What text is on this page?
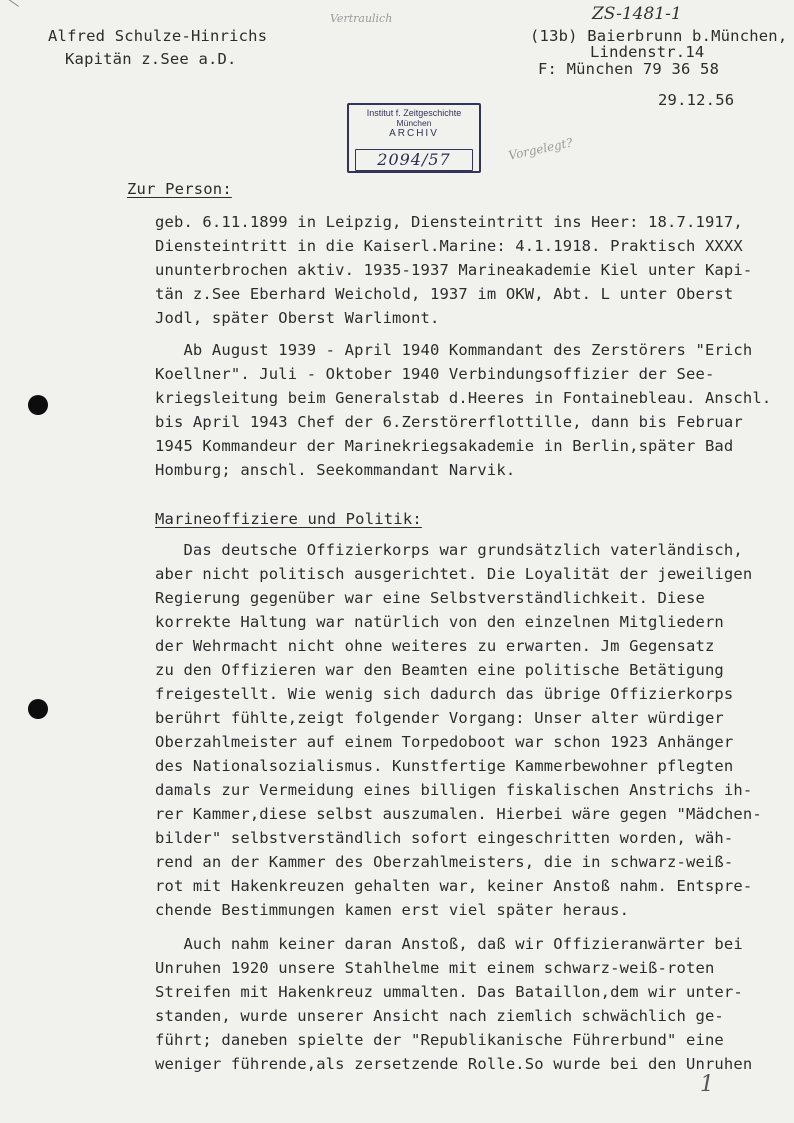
Alfred Schulze-Hinrichs
Kapitän z.See a.D.
(13b) Baierbrunn b.München,
Lindenstr.14
F: München 79 36 58
29.12.56
ZS-1481-1
Vertraulich
Vorgelegt?
1
Institut f. Zeitgeschichte
München
ARCHIV
2094/57
Zur Person:
geb. 6.11.1899 in Leipzig, Diensteintritt ins Heer: 18.7.1917,
Diensteintritt in die Kaiserl.Marine: 4.1.1918. Praktisch XXXX
ununterbrochen aktiv. 1935-1937 Marineakademie Kiel unter Kapi-
tän z.See Eberhard Weichold, 1937 im OKW, Abt. L unter Oberst
Jodl, später Oberst Warlimont.
Ab August 1939 - April 1940 Kommandant des Zerstörers "Erich
Koellner". Juli - Oktober 1940 Verbindungsoffizier der See-
kriegsleitung beim Generalstab d.Heeres in Fontainebleau. Anschl.
bis April 1943 Chef der 6.Zerstörerflottille, dann bis Februar
1945 Kommandeur der Marinekriegsakademie in Berlin,später Bad
Homburg; anschl. Seekommandant Narvik.
Marineoffiziere und Politik:
Das deutsche Offizierkorps war grundsätzlich vaterländisch,
aber nicht politisch ausgerichtet. Die Loyalität der jeweiligen
Regierung gegenüber war eine Selbstverständlichkeit. Diese
korrekte Haltung war natürlich von den einzelnen Mitgliedern
der Wehrmacht nicht ohne weiteres zu erwarten. Jm Gegensatz
zu den Offizieren war den Beamten eine politische Betätigung
freigestellt. Wie wenig sich dadurch das übrige Offizierkorps
berührt fühlte,zeigt folgender Vorgang: Unser alter würdiger
Oberzahlmeister auf einem Torpedoboot war schon 1923 Anhänger
des Nationalsozialismus. Kunstfertige Kammerbewohner pflegten
damals zur Vermeidung eines billigen fiskalischen Anstrichs ih-
rer Kammer,diese selbst auszumalen. Hierbei wäre gegen "Mädchen-
bilder" selbstverständlich sofort eingeschritten worden, wäh-
rend an der Kammer des Oberzahlmeisters, die in schwarz-weiß-
rot mit Hakenkreuzen gehalten war, keiner Anstoß nahm. Entspre-
chende Bestimmungen kamen erst viel später heraus.
Auch nahm keiner daran Anstoß, daß wir Offizieranwärter bei
Unruhen 1920 unsere Stahlhelme mit einem schwarz-weiß-roten
Streifen mit Hakenkreuz ummalten. Das Bataillon,dem wir unter-
standen, wurde unserer Ansicht nach ziemlich schwächlich ge-
führt; daneben spielte der "Republikanische Führerbund" eine
weniger führende,als zersetzende Rolle.So wurde bei den Unruhen
